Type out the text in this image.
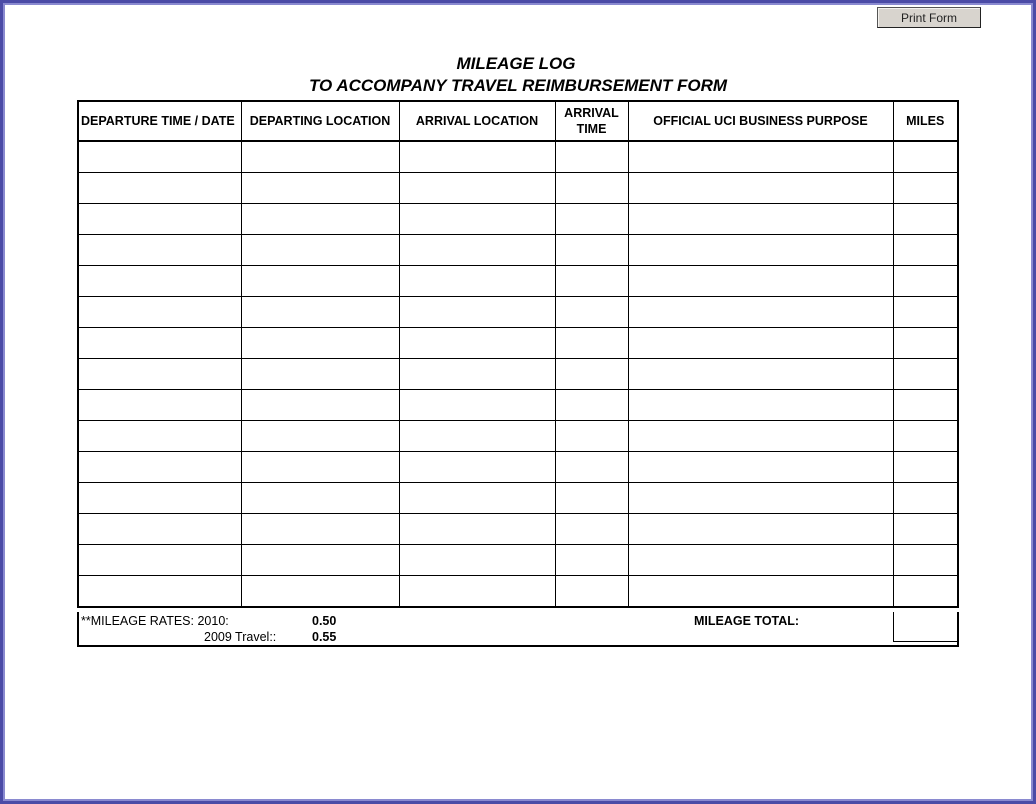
Print Form
MILEAGE LOG
TO ACCOMPANY TRAVEL REIMBURSEMENT FORM
DEPARTURE TIME / DATE	DEPARTING LOCATION	ARRIVAL LOCATION	ARRIVAL TIME	OFFICIAL UCI BUSINESS PURPOSE	MILES

**MILEAGE RATES: 2010:	0.50
2009 Travel::	0.55
MILEAGE TOTAL:
